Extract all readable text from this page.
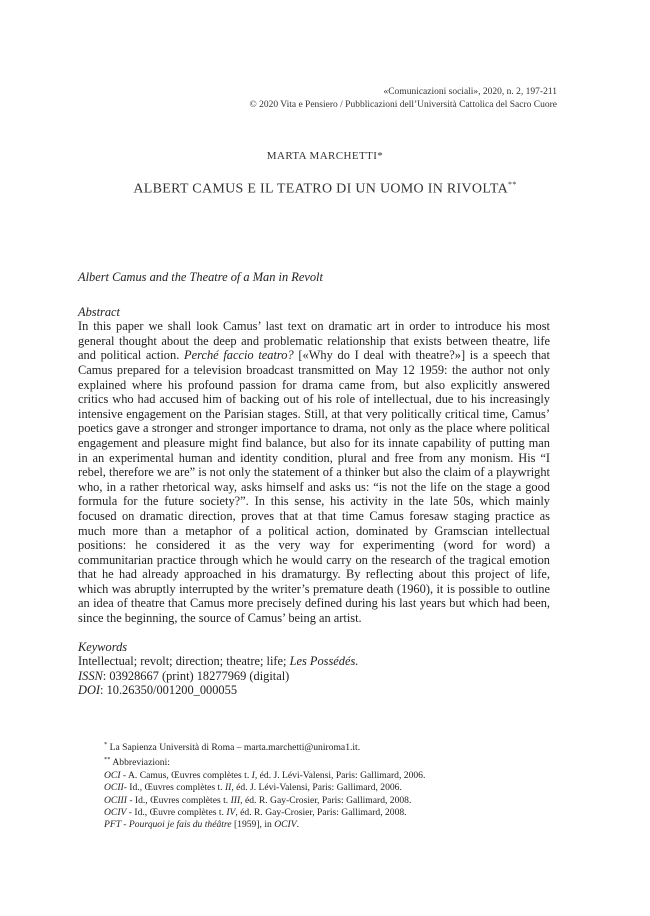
«Comunicazioni sociali», 2020, n. 2, 197-211
© 2020 Vita e Pensiero / Pubblicazioni dell’Università Cattolica del Sacro Cuore
MARTA MARCHETTI*
ALBERT CAMUS E IL TEATRO DI UN UOMO IN RIVOLTA**

Albert Camus and the Theatre of a Man in Revolt

Abstract

In this paper we shall look Camus’ last text on dramatic art in order to introduce his most general thought about the deep and problematic relationship that exists between theatre, life and political action. Perché faccio teatro? [«Why do I deal with theatre?»] is a speech that Camus prepared for a television broadcast transmitted on May 12 1959: the author not only explained where his profound passion for drama came from, but also explicitly answered critics who had accused him of backing out of his role of intellectual, due to his increasingly intensive engagement on the Parisian stages. Still, at that very politically critical time, Camus’ poetics gave a stronger and stronger importance to drama, not only as the place where political engagement and pleasure might find balance, but also for its innate capability of putting man in an experimental human and identity condition, plural and free from any monism. His “I rebel, therefore we are” is not only the statement of a thinker but also the claim of a playwright who, in a rather rhetorical way, asks himself and asks us: “is not the life on the stage a good formula for the future society?”. In this sense, his activity in the late 50s, which mainly focused on dramatic direction, proves that at that time Camus foresaw staging practice as much more than a metaphor of a political action, dominated by Gramscian intellectual positions: he considered it as the very way for experimenting (word for word) a communitarian practice through which he would carry on the research of the tragical emotion that he had already approached in his dramaturgy. By reflecting about this project of life, which was abruptly interrupted by the writer’s premature death (1960), it is possible to outline an idea of theatre that Camus more precisely defined during his last years but which had been, since the beginning, the source of Camus’ being an artist.

Keywords

Intellectual; revolt; direction; theatre; life; Les Possédés.

ISSN: 03928667 (print) 18277969 (digital)

DOI: 10.26350/001200_000055

* La Sapienza Università di Roma – marta.marchetti@uniroma1.it.

** Abbreviazioni:

OCI - A. Camus, Œuvres complètes t. I, éd. J. Lévi-Valensi, Paris: Gallimard, 2006.

OCII- Id., Œuvres complètes t. II, éd. J. Lévi-Valensi, Paris: Gallimard, 2006.

OCIII - Id., Œuvres complètes t. III, éd. R. Gay-Crosier, Paris: Gallimard, 2008.

OCIV - Id., Œuvre complètes t. IV, éd. R. Gay-Crosier, Paris: Gallimard, 2008.

PFT - Pourquoi je fais du théâtre [1959], in OCIV.
